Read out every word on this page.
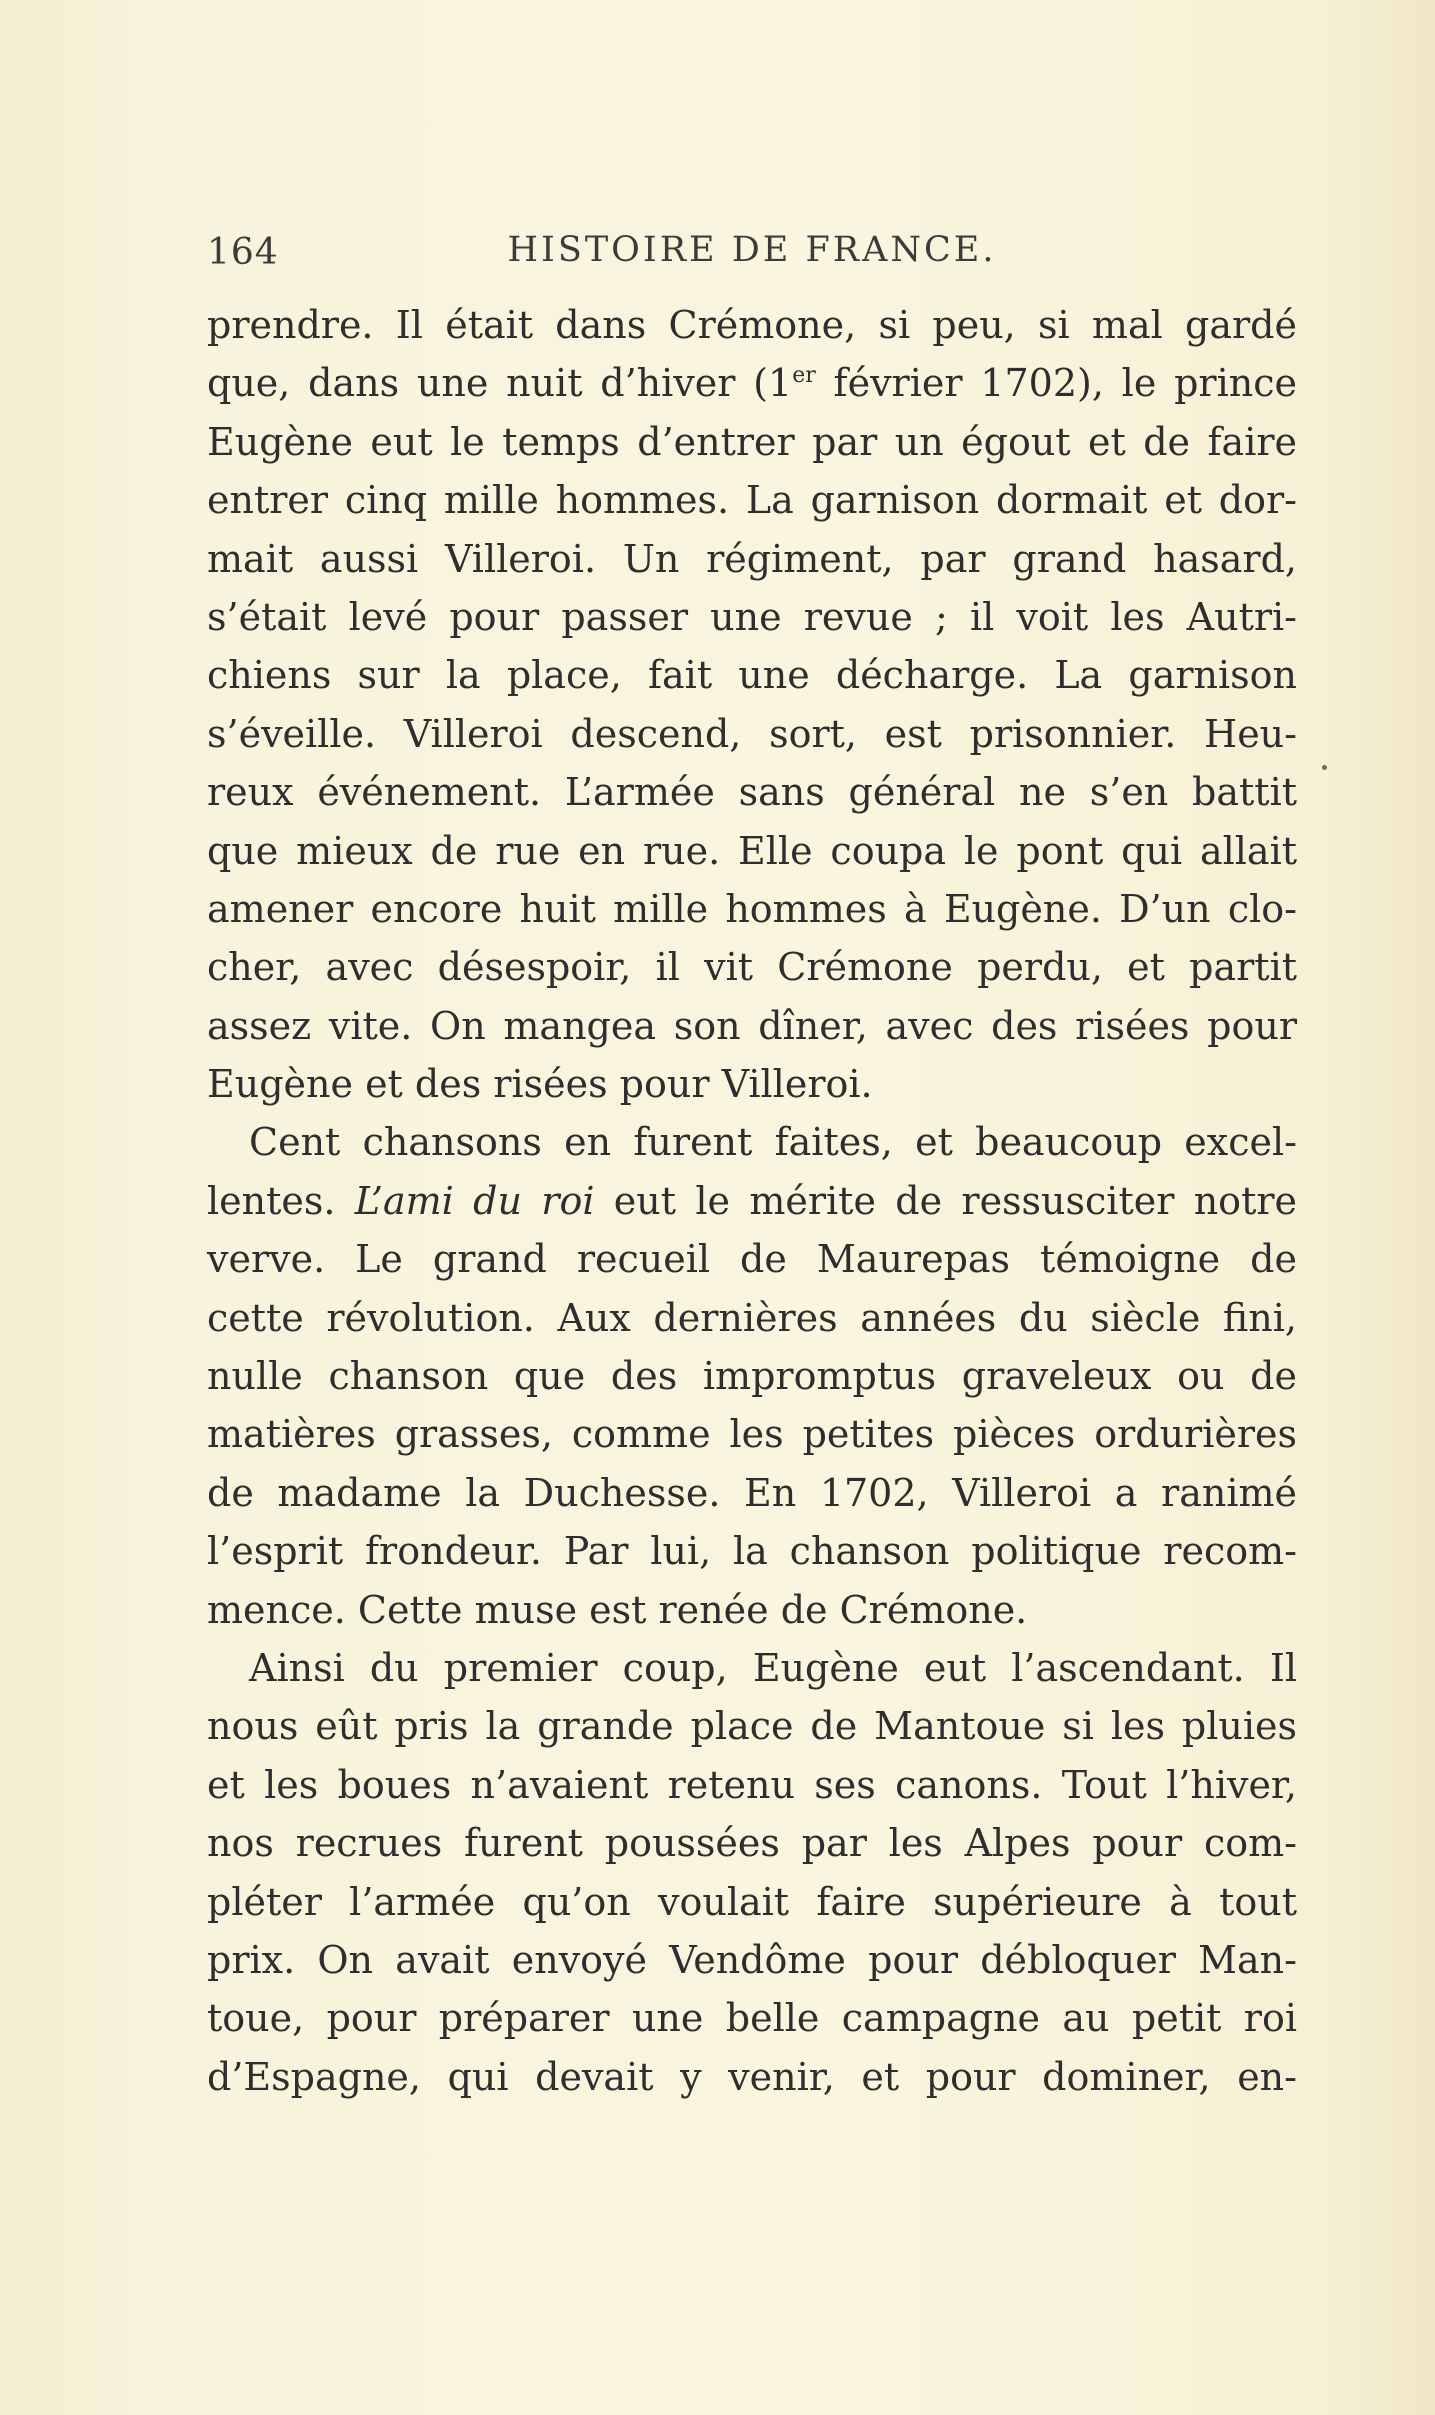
164	HISTOIRE DE FRANCE.
prendre. Il était dans Crémone, si peu, si mal gardé
que, dans une nuit d’hiver (1er février 1702), le prince
Eugène eut le temps d’entrer par un égout et de faire
entrer cinq mille hommes. La garnison dormait et dor-
mait aussi Villeroi. Un régiment, par grand hasard,
s’était levé pour passer une revue ; il voit les Autri-
chiens sur la place, fait une décharge. La garnison
s’éveille. Villeroi descend, sort, est prisonnier. Heu-
reux événement. L’armée sans général ne s’en battit
que mieux de rue en rue. Elle coupa le pont qui allait
amener encore huit mille hommes à Eugène. D’un clo-
cher, avec désespoir, il vit Crémone perdu, et partit
assez vite. On mangea son dîner, avec des risées pour
Eugène et des risées pour Villeroi.
Cent chansons en furent faites, et beaucoup excel-
lentes. L’ami du roi eut le mérite de ressusciter notre
verve. Le grand recueil de Maurepas témoigne de
cette révolution. Aux dernières années du siècle fini,
nulle chanson que des impromptus graveleux ou de
matières grasses, comme les petites pièces ordurières
de madame la Duchesse. En 1702, Villeroi a ranimé
l’esprit frondeur. Par lui, la chanson politique recom-
mence. Cette muse est renée de Crémone.
Ainsi du premier coup, Eugène eut l’ascendant. Il
nous eût pris la grande place de Mantoue si les pluies
et les boues n’avaient retenu ses canons. Tout l’hiver,
nos recrues furent poussées par les Alpes pour com-
pléter l’armée qu’on voulait faire supérieure à tout
prix. On avait envoyé Vendôme pour débloquer Man-
toue, pour préparer une belle campagne au petit roi
d’Espagne, qui devait y venir, et pour dominer, en-
